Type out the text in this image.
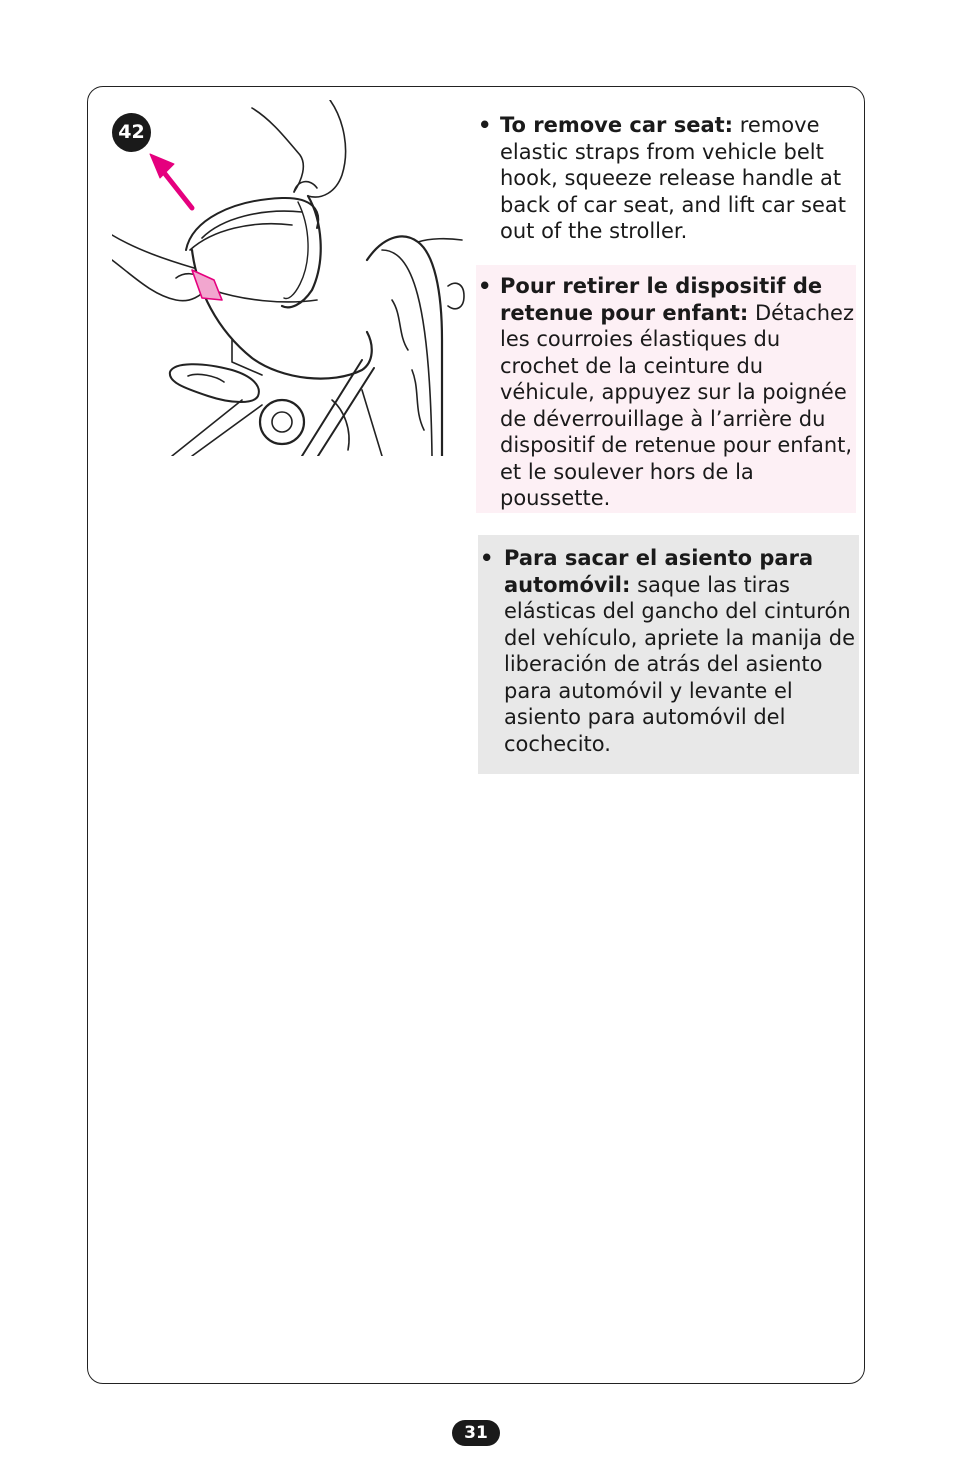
42	• To remove car seat: remove elastic straps from vehicle belt hook, squeeze release handle at back of car seat, and lift car seat out of the stroller.
• Pour retirer le dispositif de retenue pour enfant: Détachez les courroies élastiques du crochet de la ceinture du véhicule, appuyez sur la poignée de déverrouillage à l’arrière du dispositif de retenue pour enfant, et le soulever hors de la poussette.
• Para sacar el asiento para automóvil: saque las tiras elásticas del gancho del cinturón del vehículo, apriete la manija de liberación de atrás del asiento para automóvil y levante el asiento para automóvil del cochecito.
31
